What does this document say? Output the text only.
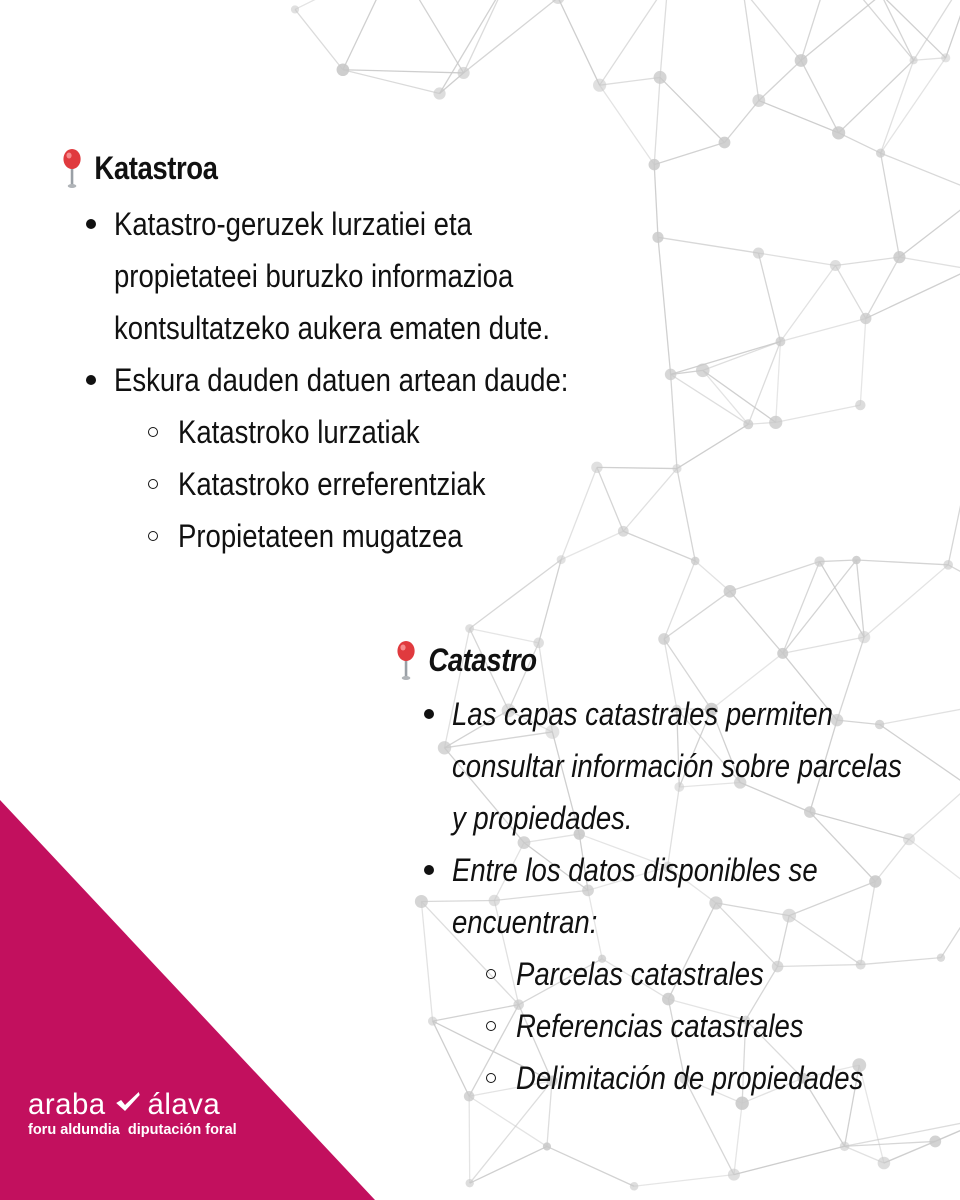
Katastroa
Katastro-geruzek lurzatiei eta
propietateei buruzko informazioa
kontsultatzeko aukera ematen dute.
Eskura dauden datuen artean daude:
Katastroko lurzatiak
Katastroko erreferentziak
Propietateen mugatzea
Catastro
Las capas catastrales permiten
consultar información sobre parcelas
y propiedades.
Entre los datos disponibles se
encuentran:
Parcelas catastrales
Referencias catastrales
Delimitación de propiedades
araba álava
foru aldundia diputación foral
